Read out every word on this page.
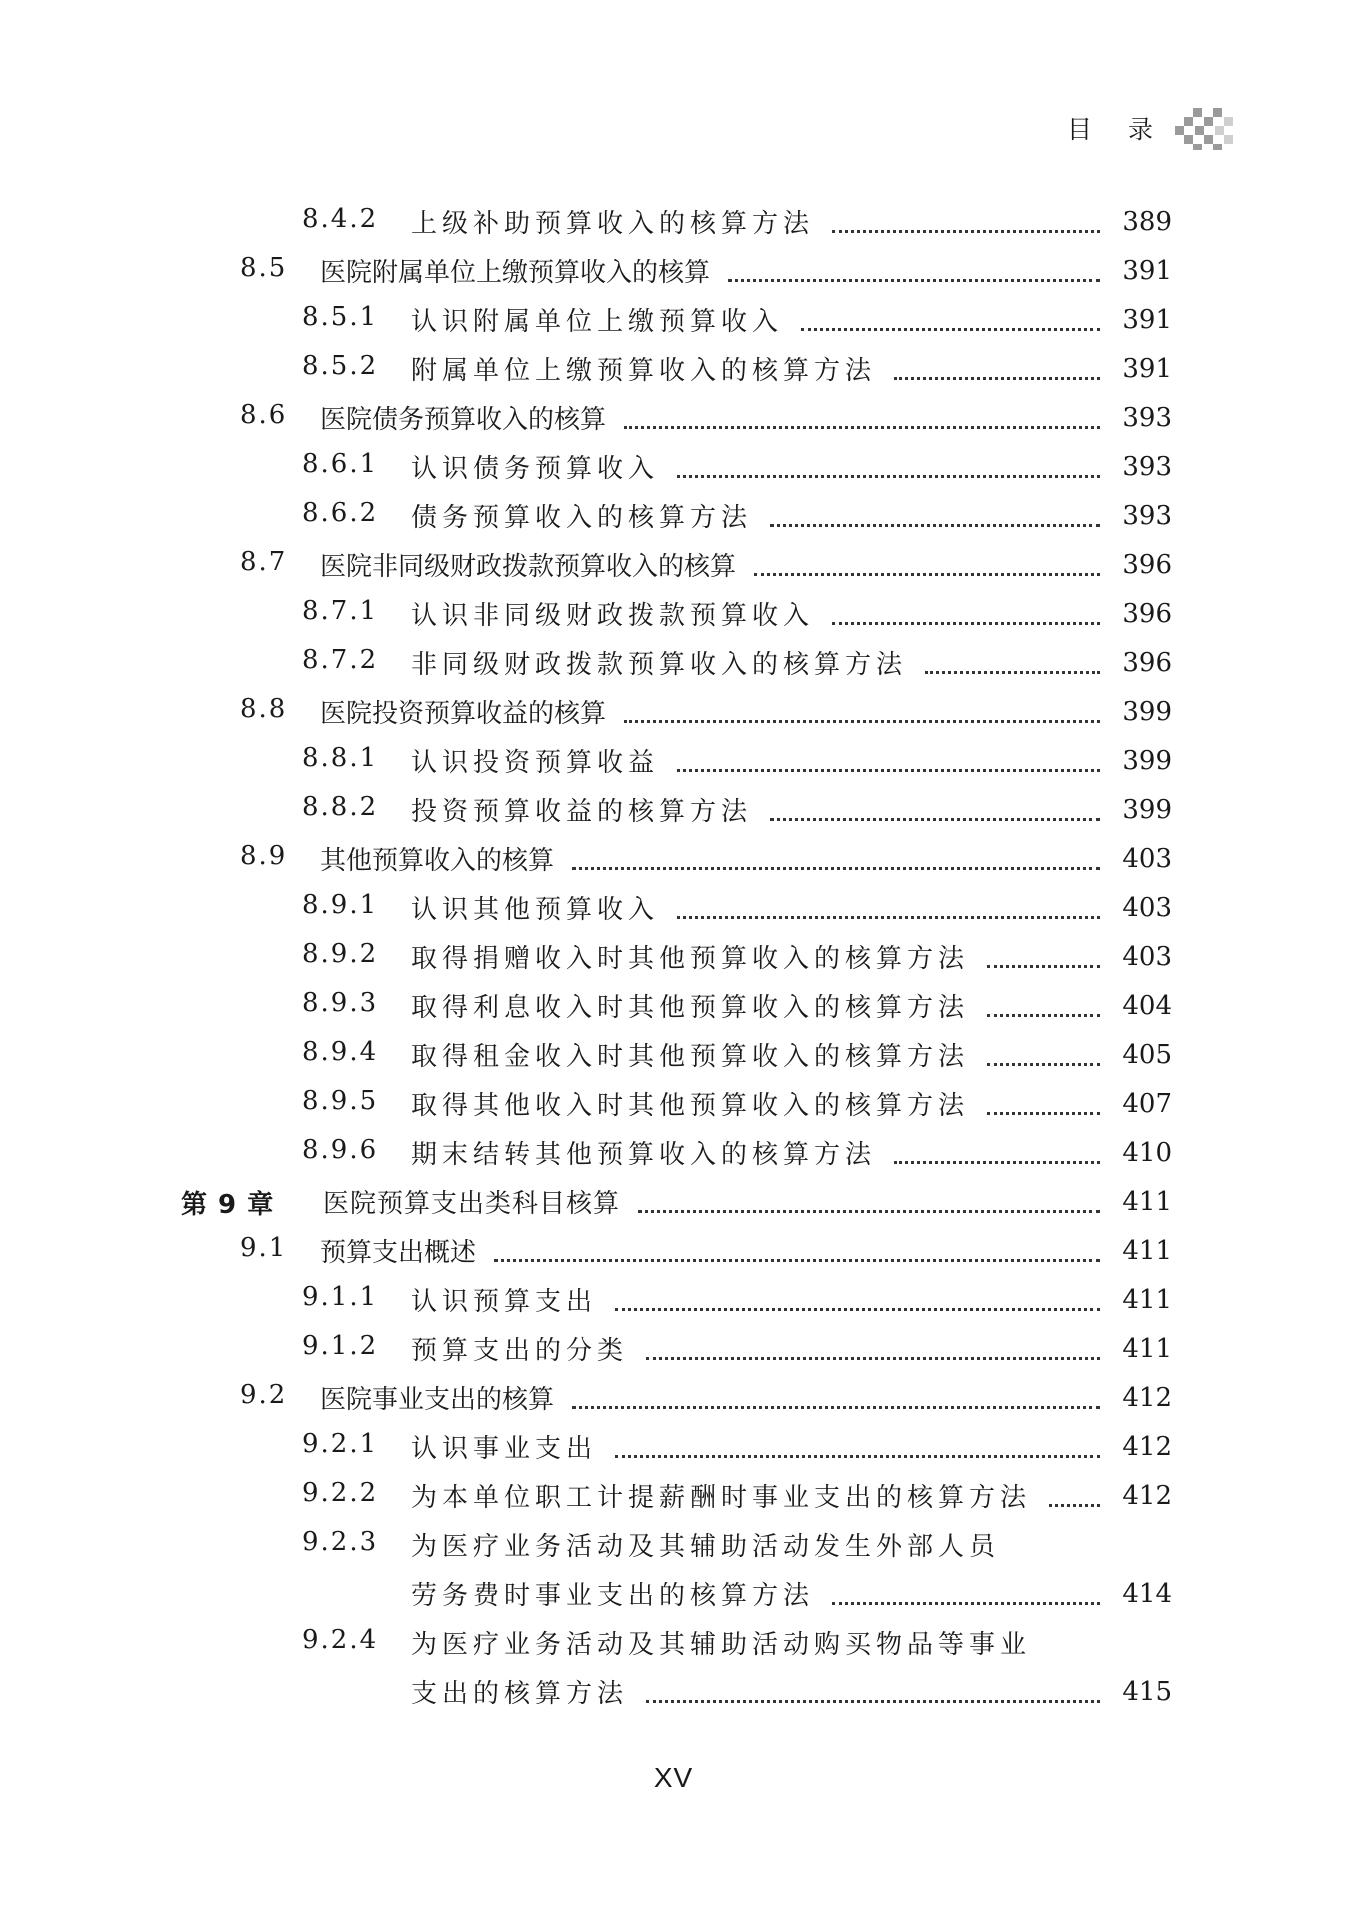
目 录
8.4.2 上级补助预算收入的核算方法	389
8.5 医院附属单位上缴预算收入的核算	391
8.5.1 认识附属单位上缴预算收入	391
8.5.2 附属单位上缴预算收入的核算方法	391
8.6 医院债务预算收入的核算	393
8.6.1 认识债务预算收入	393
8.6.2 债务预算收入的核算方法	393
8.7 医院非同级财政拨款预算收入的核算	396
8.7.1 认识非同级财政拨款预算收入	396
8.7.2 非同级财政拨款预算收入的核算方法	396
8.8 医院投资预算收益的核算	399
8.8.1 认识投资预算收益	399
8.8.2 投资预算收益的核算方法	399
8.9 其他预算收入的核算	403
8.9.1 认识其他预算收入	403
8.9.2 取得捐赠收入时其他预算收入的核算方法	403
8.9.3 取得利息收入时其他预算收入的核算方法	404
8.9.4 取得租金收入时其他预算收入的核算方法	405
8.9.5 取得其他收入时其他预算收入的核算方法	407
8.9.6 期末结转其他预算收入的核算方法	410
第 9 章 医院预算支出类科目核算	411
9.1 预算支出概述	411
9.1.1 认识预算支出	411
9.1.2 预算支出的分类	411
9.2 医院事业支出的核算	412
9.2.1 认识事业支出	412
9.2.2 为本单位职工计提薪酬时事业支出的核算方法	412
9.2.3 为医疗业务活动及其辅助活动发生外部人员
劳务费时事业支出的核算方法	414
9.2.4 为医疗业务活动及其辅助活动购买物品等事业
支出的核算方法	415
XV
